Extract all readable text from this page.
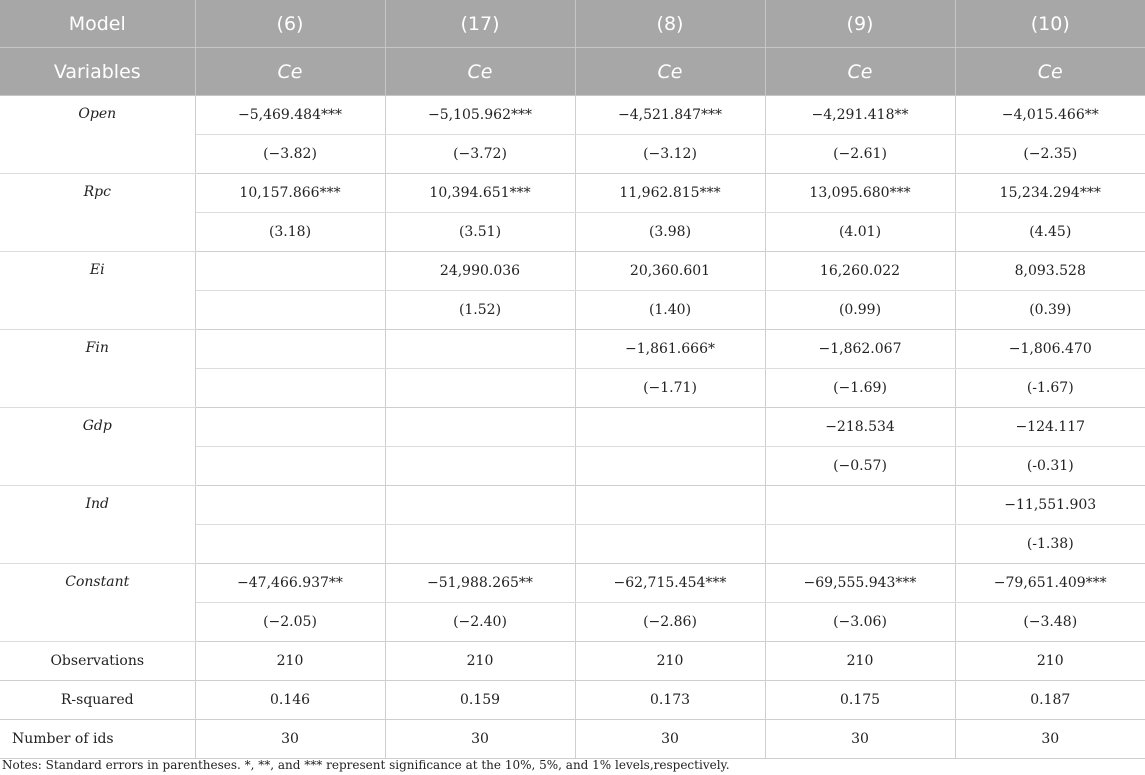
Model	(6)	(17)	(8)	(9)	(10)
Variables	Ce	Ce	Ce	Ce	Ce
Open	−5,469.484***	−5,105.962***	−4,521.847***	−4,291.418**	−4,015.466**
	(−3.82)	(−3.72)	(−3.12)	(−2.61)	(−2.35)
Rpc	10,157.866***	10,394.651***	11,962.815***	13,095.680***	15,234.294***
	(3.18)	(3.51)	(3.98)	(4.01)	(4.45)
Ei		24,990.036	20,360.601	16,260.022	8,093.528
		(1.52)	(1.40)	(0.99)	(0.39)
Fin			−1,861.666*	−1,862.067	−1,806.470
			(−1.71)	(−1.69)	(-1.67)
Gdp				−218.534	−124.117
				(−0.57)	(-0.31)
Ind					−11,551.903
					(-1.38)
Constant	−47,466.937**	−51,988.265**	−62,715.454***	−69,555.943***	−79,651.409***
	(−2.05)	(−2.40)	(−2.86)	(−3.06)	(−3.48)
Observations	210	210	210	210	210
R-squared	0.146	0.159	0.173	0.175	0.187
Number of ids	30	30	30	30	30
Notes: Standard errors in parentheses. *, **, and *** represent significance at the 10%, 5%, and 1% levels,respectively.
